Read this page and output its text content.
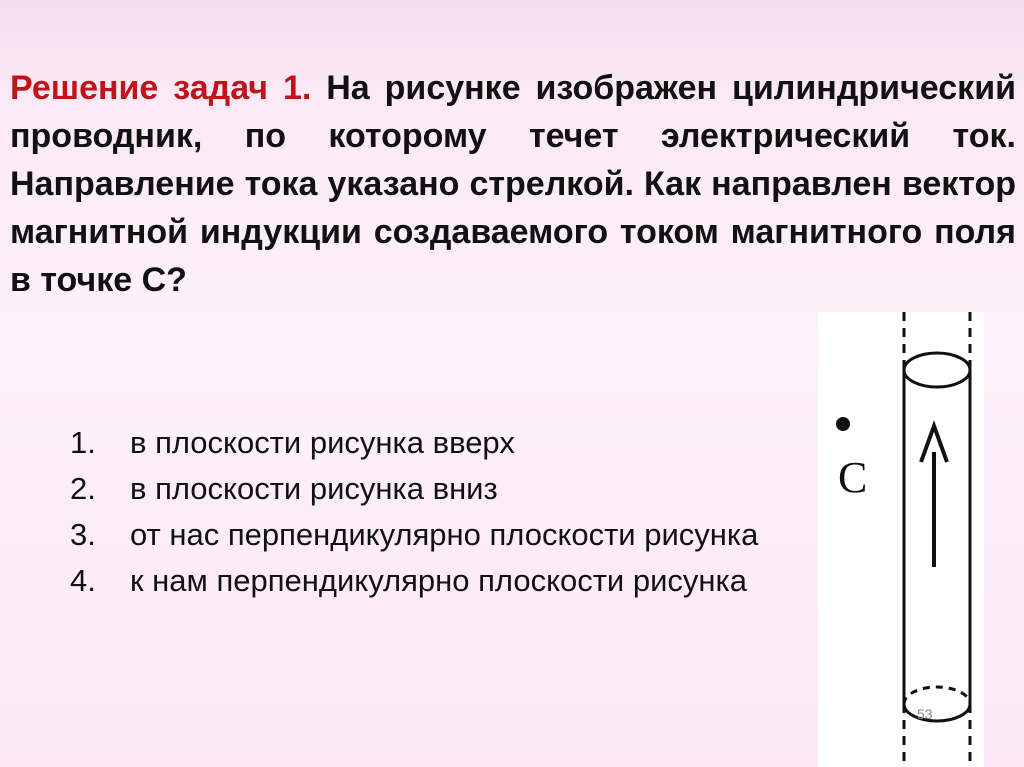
Решение задач 1. На рисунке изображен цилиндрический проводник, по которому течет электрический ток. Направление тока указано стрелкой. Как направлен вектор магнитной индукции создаваемого током магнитного поля в точке С?

1. в плоскости рисунка вверх
2. в плоскости рисунка вниз
3. от нас перпендикулярно плоскости рисунка
4. к нам перпендикулярно плоскости рисунка
C
53
